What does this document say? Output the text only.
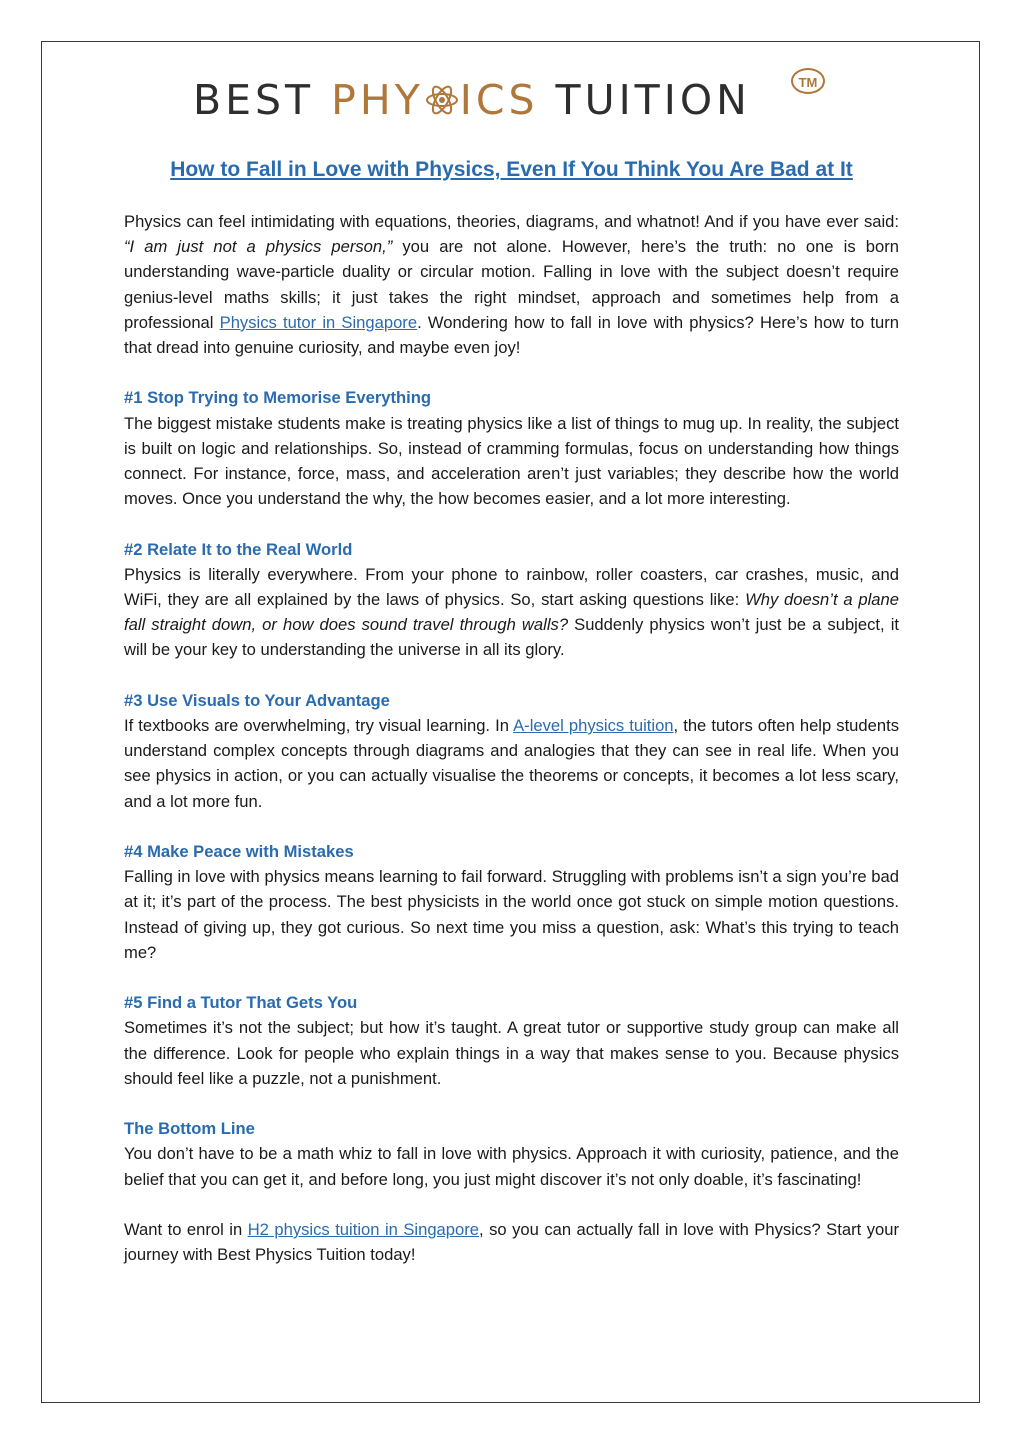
BEST PHY ICS TUITION	TM
How to Fall in Love with Physics, Even If You Think You Are Bad at It

Physics can feel intimidating with equations, theories, diagrams, and whatnot! And if you have ever said: “I am just not a physics person,” you are not alone. However, here’s the truth: no one is born understanding wave-particle duality or circular motion. Falling in love with the subject doesn’t require genius-level maths skills; it just takes the right mindset, approach and sometimes help from a professional Physics tutor in Singapore. Wondering how to fall in love with physics? Here’s how to turn that dread into genuine curiosity, and maybe even joy!

#1 Stop Trying to Memorise Everything

The biggest mistake students make is treating physics like a list of things to mug up. In reality, the subject is built on logic and relationships. So, instead of cramming formulas, focus on understanding how things connect. For instance, force, mass, and acceleration aren’t just variables; they describe how the world moves. Once you understand the why, the how becomes easier, and a lot more interesting.

#2 Relate It to the Real World

Physics is literally everywhere. From your phone to rainbow, roller coasters, car crashes, music, and WiFi, they are all explained by the laws of physics. So, start asking questions like: Why doesn’t a plane fall straight down, or how does sound travel through walls? Suddenly physics won’t just be a subject, it will be your key to understanding the universe in all its glory.

#3 Use Visuals to Your Advantage

If textbooks are overwhelming, try visual learning. In A-level physics tuition, the tutors often help students understand complex concepts through diagrams and analogies that they can see in real life. When you see physics in action, or you can actually visualise the theorems or concepts, it becomes a lot less scary, and a lot more fun.

#4 Make Peace with Mistakes

Falling in love with physics means learning to fail forward. Struggling with problems isn’t a sign you’re bad at it; it’s part of the process. The best physicists in the world once got stuck on simple motion questions. Instead of giving up, they got curious. So next time you miss a question, ask: What’s this trying to teach me?

#5 Find a Tutor That Gets You

Sometimes it’s not the subject; but how it’s taught. A great tutor or supportive study group can make all the difference. Look for people who explain things in a way that makes sense to you. Because physics should feel like a puzzle, not a punishment.

The Bottom Line

You don’t have to be a math whiz to fall in love with physics. Approach it with curiosity, patience, and the belief that you can get it, and before long, you just might discover it’s not only doable, it’s fascinating!

Want to enrol in H2 physics tuition in Singapore, so you can actually fall in love with Physics? Start your journey with Best Physics Tuition today!
